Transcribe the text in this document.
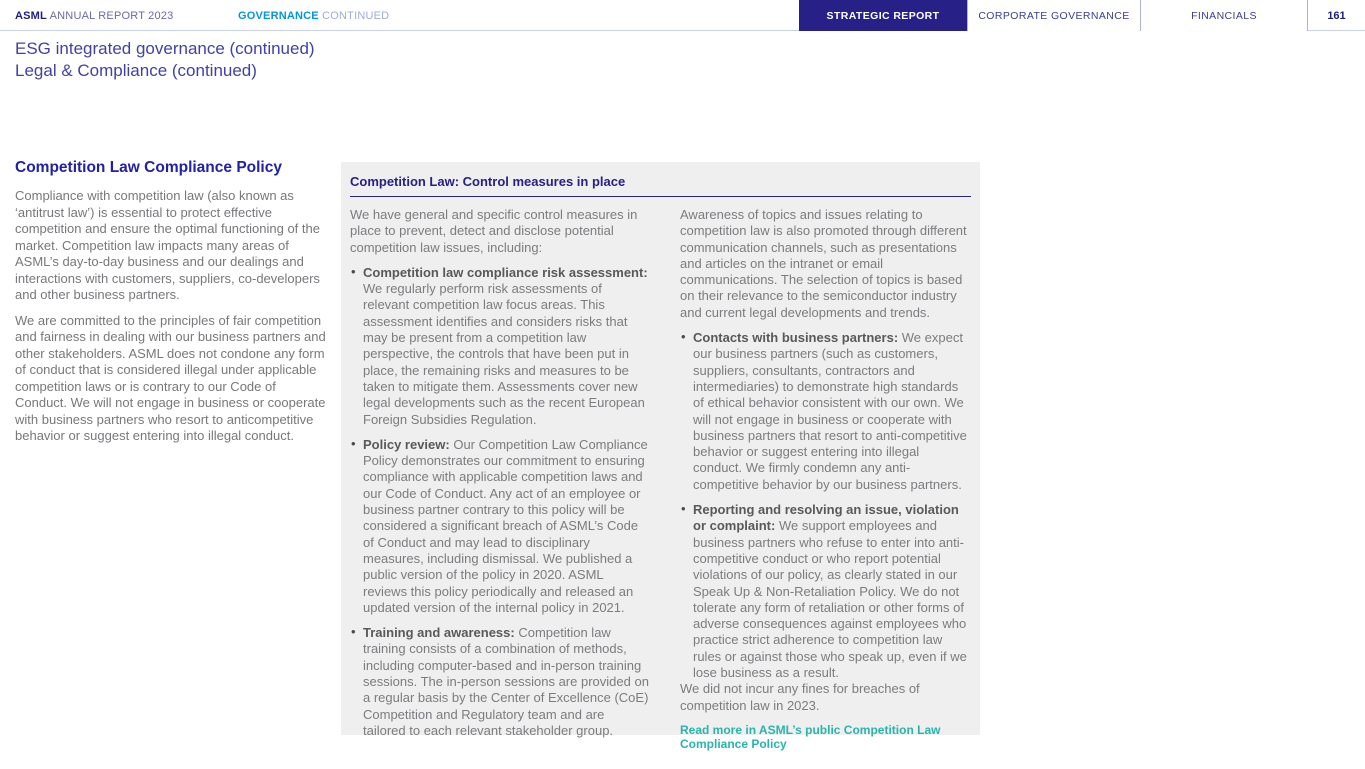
ASML ANNUAL REPORT 2023	GOVERNANCE CONTINUED	STRATEGIC REPORT	CORPORATE GOVERNANCE	FINANCIALS	161
ESG integrated governance (continued)
Legal & Compliance (continued)
Competition Law Compliance Policy

Compliance with competition law (also known as ‘antitrust law’) is essential to protect effective competition and ensure the optimal functioning of the market. Competition law impacts many areas of ASML’s day-to-day business and our dealings and interactions with customers, suppliers, co-developers and other business partners.

We are committed to the principles of fair competition and fairness in dealing with our business partners and other stakeholders. ASML does not condone any form of conduct that is considered illegal under applicable competition laws or is contrary to our Code of Conduct. We will not engage in business or cooperate with business partners who resort to anticompetitive behavior or suggest entering into illegal conduct.

Competition Law: Control measures in place

We have general and specific control measures in place to prevent, detect and disclose potential competition law issues, including:

• Competition law compliance risk assessment: We regularly perform risk assessments of relevant competition law focus areas. This assessment identifies and considers risks that may be present from a competition law perspective, the controls that have been put in place, the remaining risks and measures to be taken to mitigate them. Assessments cover new legal developments such as the recent European Foreign Subsidies Regulation.
• Policy review: Our Competition Law Compliance Policy demonstrates our commitment to ensuring compliance with applicable competition laws and our Code of Conduct. Any act of an employee or business partner contrary to this policy will be considered a significant breach of ASML’s Code of Conduct and may lead to disciplinary measures, including dismissal. We published a public version of the policy in 2020. ASML reviews this policy periodically and released an updated version of the internal policy in 2021.
• Training and awareness: Competition law training consists of a combination of methods, including computer-based and in-person training sessions. The in-person sessions are provided on a regular basis by the Center of Excellence (CoE) Competition and Regulatory team and are tailored to each relevant stakeholder group.

Awareness of topics and issues relating to competition law is also promoted through different communication channels, such as presentations and articles on the intranet or email communications. The selection of topics is based on their relevance to the semiconductor industry and current legal developments and trends.

• Contacts with business partners: We expect our business partners (such as customers, suppliers, consultants, contractors and intermediaries) to demonstrate high standards of ethical behavior consistent with our own. We will not engage in business or cooperate with business partners that resort to anti-competitive behavior or suggest entering into illegal conduct. We firmly condemn any anti-competitive behavior by our business partners.
• Reporting and resolving an issue, violation or complaint: We support employees and business partners who refuse to enter into anti-competitive conduct or who report potential violations of our policy, as clearly stated in our Speak Up & Non-Retaliation Policy. We do not tolerate any form of retaliation or other forms of adverse consequences against employees who practice strict adherence to competition law rules or against those who speak up, even if we lose business as a result.

We did not incur any fines for breaches of competition law in 2023.

Read more in ASML’s public Competition Law Compliance Policy
